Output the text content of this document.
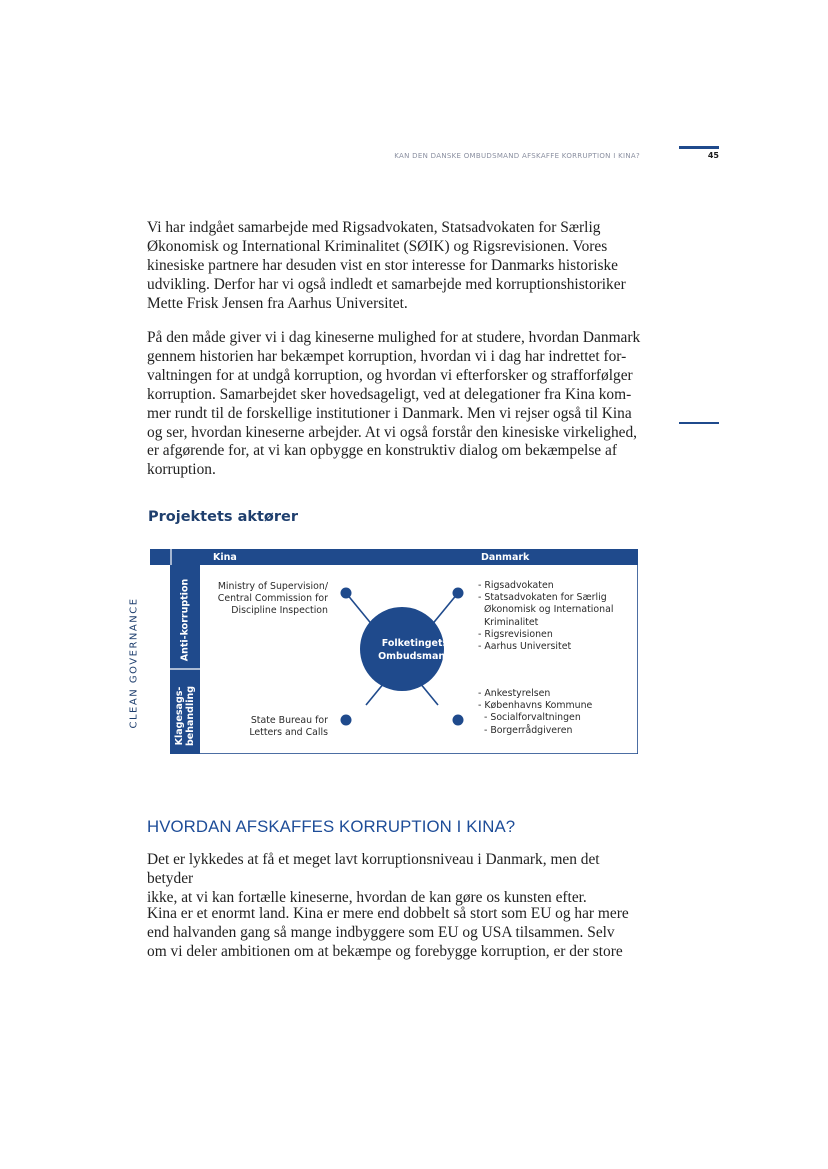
KAN DEN DANSKE OMBUDSMAND AFSKAFFE KORRUPTION I KINA?	45
Vi har indgået samarbejde med Rigsadvokaten, Statsadvokaten for Særlig
Økonomisk og International Kriminalitet (SØIK) og Rigsrevisionen. Vores
kinesiske partnere har desuden vist en stor interesse for Danmarks historiske
udvikling. Derfor har vi også indledt et samarbejde med korruptionshistoriker
Mette Frisk Jensen fra Aarhus Universitet.
På den måde giver vi i dag kineserne mulighed for at studere, hvordan Danmark
gennem historien har bekæmpet korruption, hvordan vi i dag har indrettet for-
valtningen for at undgå korruption, og hvordan vi efterforsker og strafforfølger
korruption. Samarbejdet sker hovedsageligt, ved at delegationer fra Kina kom-
mer rundt til de forskellige institutioner i Danmark. Men vi rejser også til Kina
og ser, hvordan kineserne arbejder. At vi også forstår den kinesiske virkelighed,
er afgørende for, at vi kan opbygge en konstruktiv dialog om bekæmpelse af
korruption.
Projektets aktører
CLEAN GOVERNANCE
Kina	Danmark
Anti-korruption
Klagesags- behandling
Ministry of Supervision/
Central Commission for
Discipline Inspection
State Bureau for
Letters and Calls
- Rigsadvokaten
- Statsadvokaten for Særlig
Økonomisk og International
Kriminalitet
- Rigsrevisionen
- Aarhus Universitet
- Ankestyrelsen
- Københavns Kommune
- Socialforvaltningen
- Borgerrådgiveren
Folketingets
Ombudsmand
HVORDAN AFSKAFFES KORRUPTION I KINA?
Det er lykkedes at få et meget lavt korruptionsniveau i Danmark, men det betyder
ikke, at vi kan fortælle kineserne, hvordan de kan gøre os kunsten efter.
Kina er et enormt land. Kina er mere end dobbelt så stort som EU og har mere
end halvanden gang så mange indbyggere som EU og USA tilsammen. Selv
om vi deler ambitionen om at bekæmpe og forebygge korruption, er der store
